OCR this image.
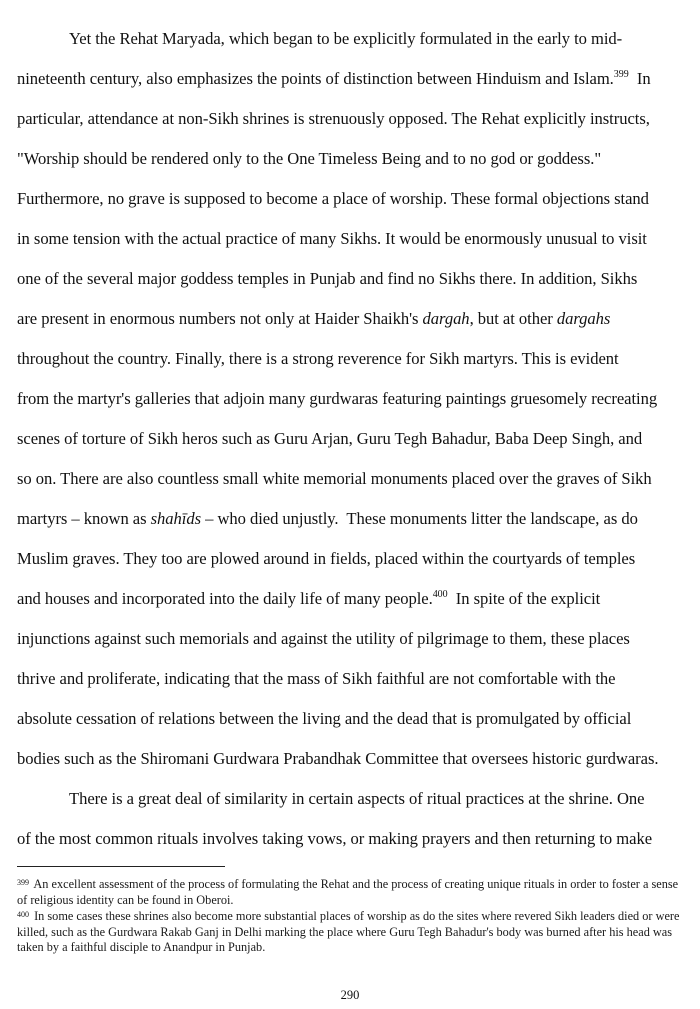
Yet the Rehat Maryada, which began to be explicitly formulated in the early to mid-
nineteenth century, also emphasizes the points of distinction between Hinduism and Islam.$^{399}$  In
particular, attendance at non-Sikh shrines is strenuously opposed. The Rehat explicitly instructs,
"Worship should be rendered only to the One Timeless Being and to no god or goddess."
Furthermore, no grave is supposed to become a place of worship. These formal objections stand
in some tension with the actual practice of many Sikhs. It would be enormously unusual to visit
one of the several major goddess temples in Punjab and find no Sikhs there. In addition, Sikhs
are present in enormous numbers not only at Haider Shaikh's dargah, but at other dargahs
throughout the country. Finally, there is a strong reverence for Sikh martyrs. This is evident
from the martyr's galleries that adjoin many gurdwaras featuring paintings gruesomely recreating
scenes of torture of Sikh heros such as Guru Arjan, Guru Tegh Bahadur, Baba Deep Singh, and
so on. There are also countless small white memorial monuments placed over the graves of Sikh
martyrs – known as shahīds – who died unjustly.  These monuments litter the landscape, as do
Muslim graves. They too are plowed around in fields, placed within the courtyards of temples
and houses and incorporated into the daily life of many people.$^{400}$  In spite of the explicit
injunctions against such memorials and against the utility of pilgrimage to them, these places
thrive and proliferate, indicating that the mass of Sikh faithful are not comfortable with the
absolute cessation of relations between the living and the dead that is promulgated by official
bodies such as the Shiromani Gurdwara Prabandhak Committee that oversees historic gurdwaras.
There is a great deal of similarity in certain aspects of ritual practices at the shrine. One
of the most common rituals involves taking vows, or making prayers and then returning to make
$^{399}$ An excellent assessment of the process of formulating the Rehat and the process of creating unique rituals in order to foster a sense of religious identity can be found in Oberoi.
$^{400}$ In some cases these shrines also become more substantial places of worship as do the sites where revered Sikh leaders died or were killed, such as the Gurdwara Rakab Ganj in Delhi marking the place where Guru Tegh Bahadur's body was burned after his head was taken by a faithful disciple to Anandpur in Punjab.
290
